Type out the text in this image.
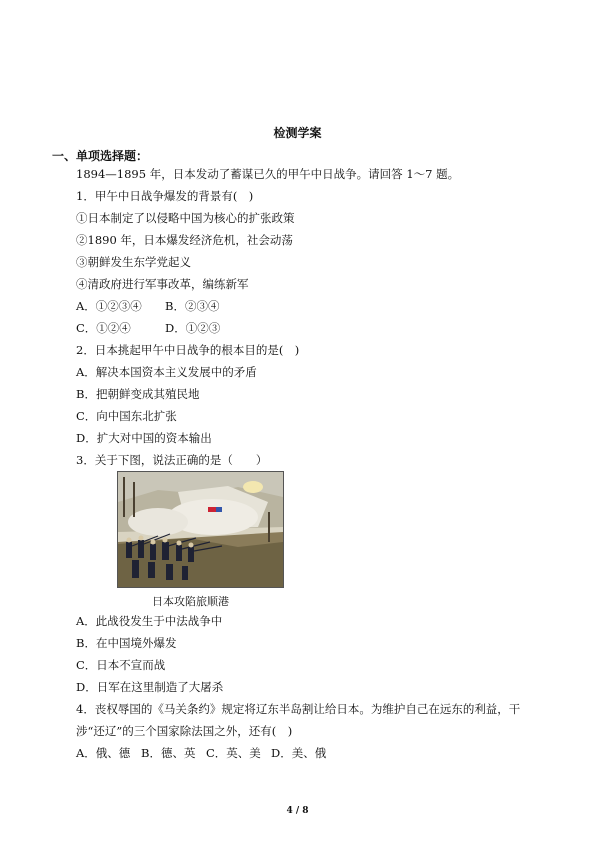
检测学案
一、单项选择题：
1894—1895 年，日本发动了蓄谋已久的甲午中日战争。请回答 1～7 题。
1．甲午中日战争爆发的背景有(　)
①日本制定了以侵略中国为核心的扩张政策
②1890 年，日本爆发经济危机，社会动荡
③朝鲜发生东学党起义
④清政府进行军事改革，编练新军
A．①②③④ B．②③④
C．①②④	D．①②③
2．日本挑起甲午中日战争的根本目的是(　)
A．解决本国资本主义发展中的矛盾
B．把朝鲜变成其殖民地
C．向中国东北扩张
D．扩大对中国的资本输出
3．关于下图，说法正确的是（　　）
日本攻陷旅顺港
A．此战役发生于中法战争中
B．在中国境外爆发
C．日本不宣而战
D．日军在这里制造了大屠杀
4．丧权辱国的《马关条约》规定将辽东半岛割让给日本。为维护自己在远东的利益，干
涉“还辽”的三个国家除法国之外，还有(　)
A．俄、德 B．德、英 C．英、美 D．美、俄
4 / 8
